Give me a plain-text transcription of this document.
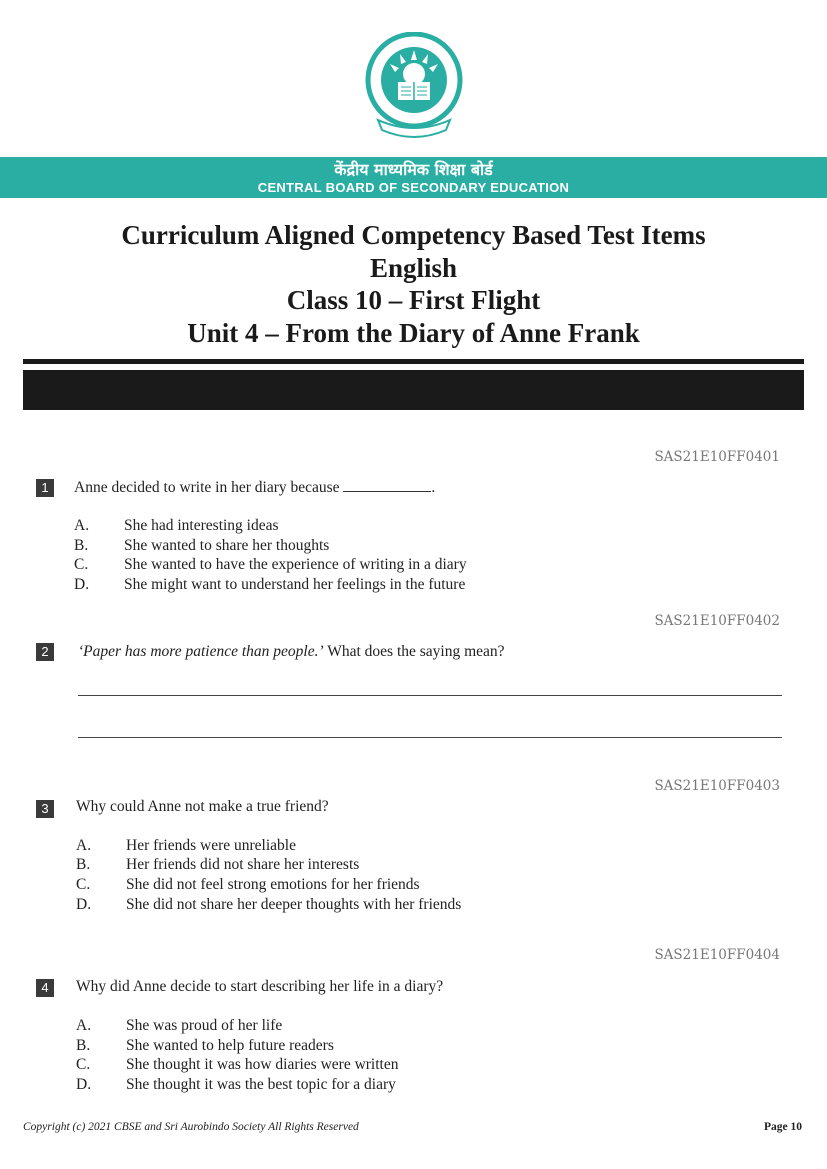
केंद्रीय माध्यमिक शिक्षा बोर्ड
CENTRAL BOARD OF SECONDARY EDUCATION
Curriculum Aligned Competency Based Test Items
English
Class 10 – First Flight
Unit 4 – From the Diary of Anne Frank
SAS21E10FF0401
1	Anne decided to write in her diary because	.
A. She had interesting ideas
B. She wanted to share her thoughts
C. She wanted to have the experience of writing in a diary
D. She might want to understand her feelings in the future
SAS21E10FF0402
2	‘Paper has more patience than people.’ What does the saying mean?
SAS21E10FF0403
3	Why could Anne not make a true friend?
A. Her friends were unreliable
B. Her friends did not share her interests
C. She did not feel strong emotions for her friends
D. She did not share her deeper thoughts with her friends
SAS21E10FF0404
4	Why did Anne decide to start describing her life in a diary?
A. She was proud of her life
B. She wanted to help future readers
C. She thought it was how diaries were written
D. She thought it was the best topic for a diary
Copyright (c) 2021 CBSE and Sri Aurobindo Society All Rights Reserved	Page 10
